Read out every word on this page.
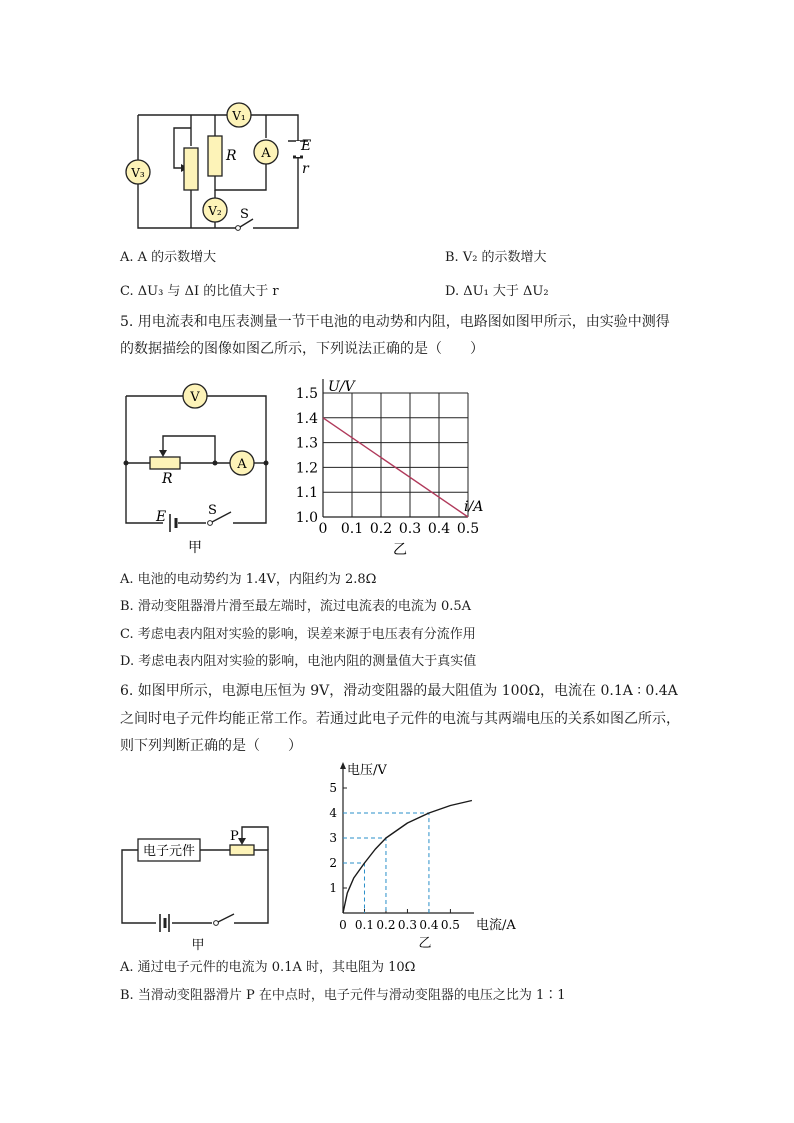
R
V₁
A
V₃
V₂
E
r
S
A. A 的示数增大	B. V₂ 的示数增大
C. ΔU₃ 与 ΔI 的比值大于 r	D. ΔU₁ 大于 ΔU₂
5. 用电流表和电压表测量一节干电池的电动势和内阻，电路图如图甲所示，由实验中测得
的数据描绘的图像如图乙所示，下列说法正确的是（　　）
R
V
A
E	S
甲
0 0.1 0.2 0.3 0.4 0.5
1.0
1.1
1.2
1.3
1.4
1.5 U/V
i/A
乙
A. 电池的电动势约为 1.4V，内阻约为 2.8Ω
B. 滑动变阻器滑片滑至最左端时，流过电流表的电流为 0.5A
C. 考虑电表内阻对实验的影响，误差来源于电压表有分流作用
D. 考虑电表内阻对实验的影响，电池内阻的测量值大于真实值
6. 如图甲所示，电源电压恒为 9V，滑动变阻器的最大阻值为 100Ω，电流在 0.1A ∶ 0.4A
之间时电子元件均能正常工作。若通过此电子元件的电流与其两端电压的关系如图乙所示，
则下列判断正确的是（　　）
电子元件
P
甲
电压/V
电流/A
0 0.1 0.2 0.3 0.4 0.5
1
2
3
4
5
乙
A. 通过电子元件的电流为 0.1A 时，其电阻为 10Ω
B. 当滑动变阻器滑片 P 在中点时，电子元件与滑动变阻器的电压之比为 1∶1
